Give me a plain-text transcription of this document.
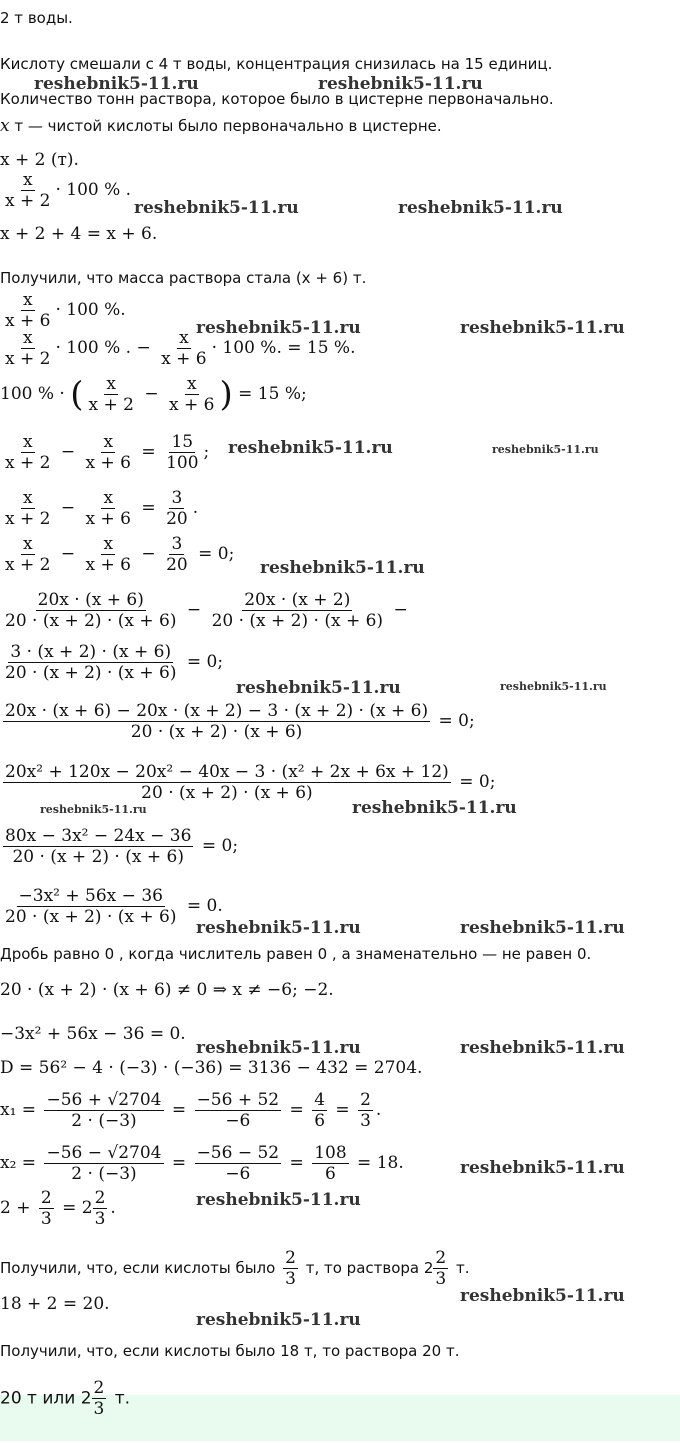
2 т воды.
Кислоту смешали с 4 т воды, концентрация снизилась на 15 единиц.
Количество тонн раствора, которое было в цистерне первоначально.
x т — чистой кислоты было первоначально в цистерне.
x + 2 (т).
$\frac{x}{x + 2} \cdot 100$ % .
x + 2 + 4 = x + 6.
Получили, что масса раствора стала (x + 6) т.
$\frac{x}{x + 6} \cdot 100$ %.
$\frac{x}{x + 2} \cdot 100$ % . − $\frac{x}{x + 6} \cdot 100$ %. = 15 %.
100 % · ( $\frac{x}{x + 2} - \frac{x}{x + 6}$ ) = 15 %;
$\frac{x}{x + 2} - \frac{x}{x + 6} = \frac{15}{100}$ ;
$\frac{x}{x + 2} - \frac{x}{x + 6} = \frac{3}{20}$ .
$\frac{x}{x + 2} - \frac{x}{x + 6} - \frac{3}{20} = 0$;
$\frac{20x \cdot (x + 6)}{20 \cdot (x + 2) \cdot (x + 6)} - \frac{20x \cdot (x + 2)}{20 \cdot (x + 2) \cdot (x + 6)}$ −
$\frac{3 \cdot (x + 2) \cdot (x + 6)}{20 \cdot (x + 2) \cdot (x + 6)} = 0$;
$\frac{20x \cdot (x + 6) - 20x \cdot (x + 2) - 3 \cdot (x + 2) \cdot (x + 6)}{20 \cdot (x + 2) \cdot (x + 6)} = 0$;
$\frac{\text{20x² + 120x − 20x² − 40x − 3 · (x² + 2x + 6x + 12)}}{20 \cdot (x + 2) \cdot (x + 6)} = 0$;
$\frac{\text{80x − 3x² − 24x − 36}}{20 \cdot (x + 2) \cdot (x + 6)} = 0$;
$\frac{\text{−3x² + 56x − 36}}{20 \cdot (x + 2) \cdot (x + 6)} = 0$.
Дробь равно 0 , когда числитель равен 0 , а знаменательно — не равен 0.
20 · (x + 2) · (x + 6) ≠ 0 ⇒ x ≠ −6; −2.
−3x² + 56x − 36 = 0.
D = 56² − 4 · (−3) · (−36) = 3136 − 432 = 2704.
$x_1 = \frac{-56 + √2704}{2 \cdot (-3)} = \frac{-56 + 52}{-6} = \frac{4}{6} = \frac{2}{3}$ .
$x_2 = \frac{-56 - √2704}{2 \cdot (-3)} = \frac{-56 - 52}{-6} = \frac{108}{6} = 18$.
$2 + \frac{2}{3} = 2 \frac{2}{3}$ .
Получили, что, если кислоты было $\frac{2}{3} т$, то раствора $2 \frac{2}{3} т$.
18 + 2 = 20.
Получили, что, если кислоты было 18 т, то раствора 20 т.
20 т или $2 \frac{2}{3} т$.
reshebnik5-11.ru	reshebnik5-11.ru
reshebnik5-11.ru	reshebnik5-11.ru
reshebnik5-11.ru	reshebnik5-11.ru
reshebnik5-11.ru	reshebnik5-11.ru
reshebnik5-11.ru
reshebnik5-11.ru	reshebnik5-11.ru
reshebnik5-11.ru	reshebnik5-11.ru
reshebnik5-11.ru	reshebnik5-11.ru
reshebnik5-11.ru	reshebnik5-11.ru
reshebnik5-11.ru
reshebnik5-11.ru
reshebnik5-11.ru
reshebnik5-11.ru
